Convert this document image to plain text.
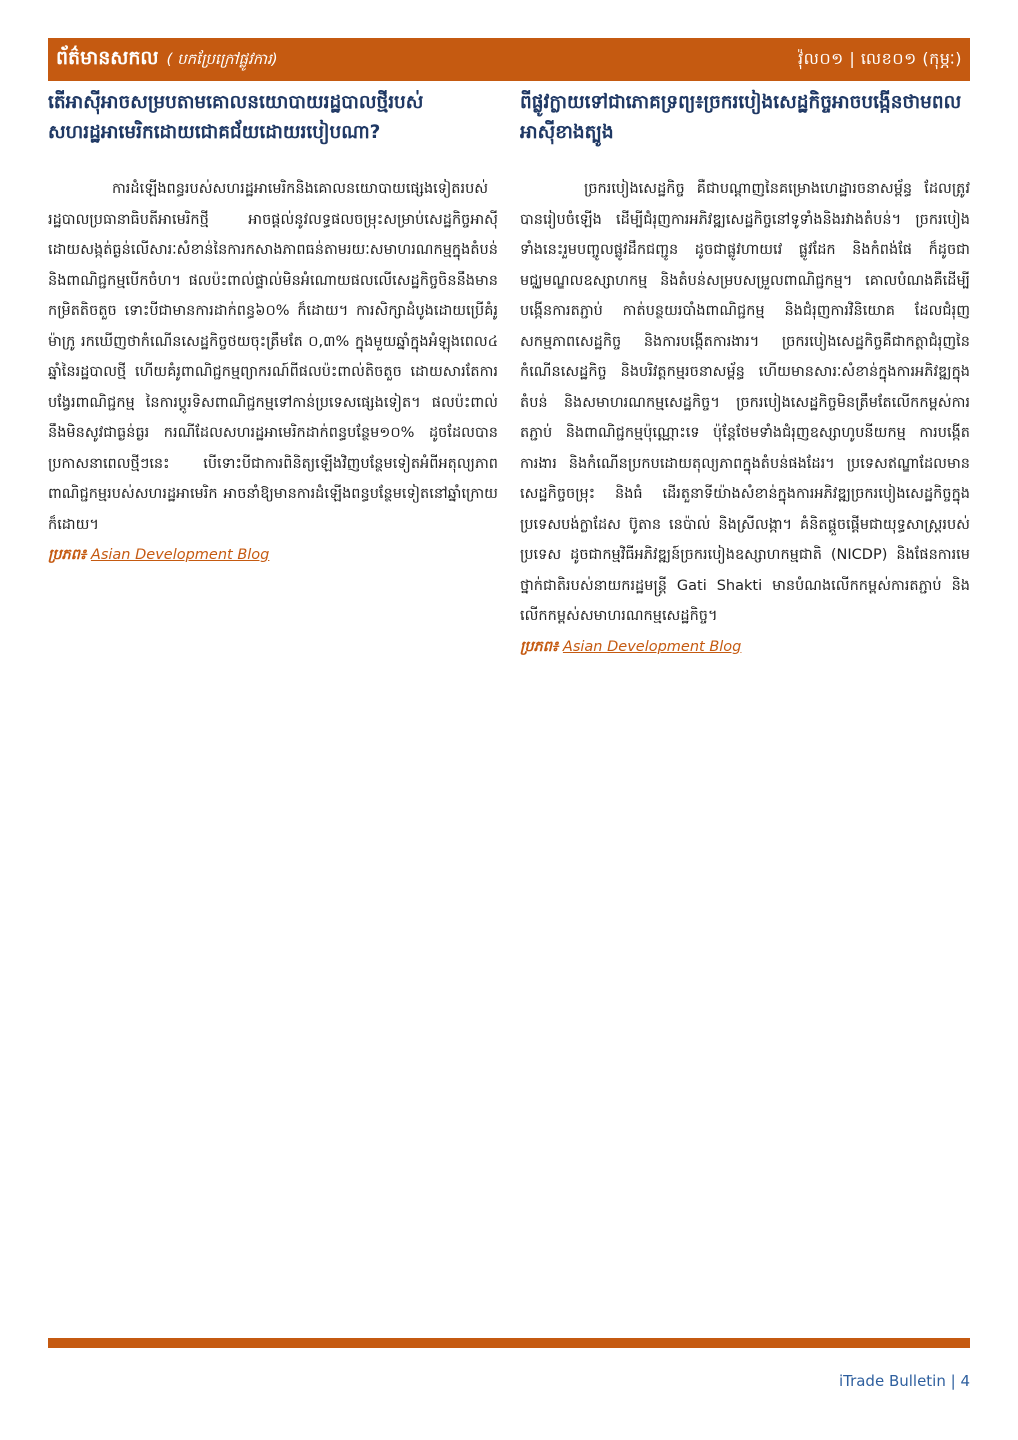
ព័ត៌មានសកល ( បកប្រែក្រៅផ្លូវការ)	វ៉ុល០១ | លេខ០១ (កុម្ភៈ)
តើអាស៊ីអាចសម្របតាមគោលនយោបាយរដ្ឋបាលថ្មីរបស់សហរដ្ឋអាមេរិកដោយជោគជ័យដោយរបៀបណា?

ការដំឡើងពន្ធរបស់សហរដ្ឋអាមេរិកនិងគោលនយោបាយផ្សេងទៀតរបស់រដ្ឋបាលប្រធានាធិបតីអាមេរិកថ្មី អាចផ្តល់នូវលទ្ធផលចម្រុះសម្រាប់សេដ្ឋកិច្ចអាស៊ី ដោយសង្កត់ធ្ងន់លើសារៈសំខាន់នៃការកសាងភាពធន់តាមរយៈសមាហរណកម្មក្នុងតំបន់ និងពាណិជ្ជកម្មបើកចំហ។ ផលប៉ះពាល់ផ្ទាល់មិនអំណោយផលលើសេដ្ឋកិច្ចចិននឹងមានកម្រិតតិចតួច ទោះបីជាមានការដាក់ពន្ធ៦០% ក៏ដោយ។ ការសិក្សាដំបូងដោយប្រើគំរូម៉ាក្រូ រកឃើញថាកំណើនសេដ្ឋកិច្ចថយចុះត្រឹមតែ ០,៣% ក្នុងមួយឆ្នាំក្នុងអំឡុងពេល៤ ឆ្នាំនៃរដ្ឋបាលថ្មី ហើយគំរូពាណិជ្ជកម្មព្យាករណ៍ពីផលប៉ះពាល់តិចតួច ដោយសារតែការបង្វែរពាណិជ្ជកម្ម នៃការប្តូរទិសពាណិជ្ជកម្មទៅកាន់ប្រទេសផ្សេងទៀត។ ផលប៉ះពាល់នឹងមិនសូវជាធ្ងន់ធ្ងរ ករណីដែលសហរដ្ឋអាមេរិកដាក់ពន្ធបន្ថែម១០% ដូចដែលបានប្រកាសនាពេលថ្មីៗនេះ បើទោះបីជាការពិនិត្យឡើងវិញបន្ថែមទៀតអំពីអតុល្យភាពពាណិជ្ជកម្មរបស់សហរដ្ឋអាមេរិក អាចនាំឱ្យមានការដំឡើងពន្ធបន្ថែមទៀតនៅឆ្នាំក្រោយក៏ដោយ។

ប្រភព៖ Asian Development Blog
ពីផ្លូវក្លាយទៅជាភោគទ្រព្យ៖ច្រករបៀងសេដ្ឋកិច្ចអាចបង្កើនថាមពលអាស៊ីខាងត្បូង

ច្រករបៀងសេដ្ឋកិច្ច គឺជាបណ្តាញនៃគម្រោងហេដ្ឋារចនាសម្ព័ន្ធ ដែលត្រូវបានរៀបចំឡើង ដើម្បីជំរុញការអភិវឌ្ឍសេដ្ឋកិច្ចនៅទូទាំងនិងរវាងតំបន់។ ច្រករបៀងទាំងនេះរួមបញ្ចូលផ្លូវដឹកជញ្ជូន ដូចជាផ្លូវហាយវេ ផ្លូវដែក និងកំពង់ផែ ក៏ដូចជាមជ្ឈមណ្ឌលឧស្សាហកម្ម និងតំបន់សម្របសម្រួលពាណិជ្ជកម្ម។ គោលបំណងគឺដើម្បីបង្កើនការតភ្ជាប់ កាត់បន្ថយរបាំងពាណិជ្ជកម្ម និងជំរុញការវិនិយោគ ដែលជំរុញសកម្មភាពសេដ្ឋកិច្ច និងការបង្កើតការងារ។ ច្រករបៀងសេដ្ឋកិច្ចគឺជាកត្តាជំរុញនៃកំណើនសេដ្ឋកិច្ច និងបរិវត្តកម្មរចនាសម្ព័ន្ធ ហើយមានសារៈសំខាន់ក្នុងការអភិវឌ្ឍក្នុងតំបន់ និងសមាហរណកម្មសេដ្ឋកិច្ច។ ច្រករបៀងសេដ្ឋកិច្ចមិនត្រឹមតែលើកកម្ពស់ការតភ្ជាប់ និងពាណិជ្ជកម្មប៉ុណ្ណោះទេ ប៉ុន្តែថែមទាំងជំរុញឧស្សាហូបនីយកម្ម ការបង្កើតការងារ និងកំណើនប្រកបដោយតុល្យភាពក្នុងតំបន់ផងដែរ។ ប្រទេសឥណ្ឌាដែលមានសេដ្ឋកិច្ចចម្រុះ និងធំ ដើរតួនាទីយ៉ាងសំខាន់ក្នុងការអភិវឌ្ឍច្រករបៀងសេដ្ឋកិច្ចក្នុងប្រទេសបង់ក្លាដែស ប៊ូតាន នេប៉ាល់ និងស្រីលង្កា។ គំនិតផ្តួចផ្តើមជាយុទ្ធសាស្ត្ររបស់ប្រទេស ដូចជាកម្មវិធីអភិវឌ្ឍន៍ច្រករបៀងឧស្សាហកម្មជាតិ (NICDP) និងផែនការមេថ្នាក់ជាតិរបស់នាយករដ្ឋមន្ត្រី Gati Shakti មានបំណងលើកកម្ពស់ការតភ្ជាប់ និងលើកកម្ពស់សមាហរណកម្មសេដ្ឋកិច្ច។

ប្រភព៖ Asian Development Blog
iTrade Bulletin | 4
